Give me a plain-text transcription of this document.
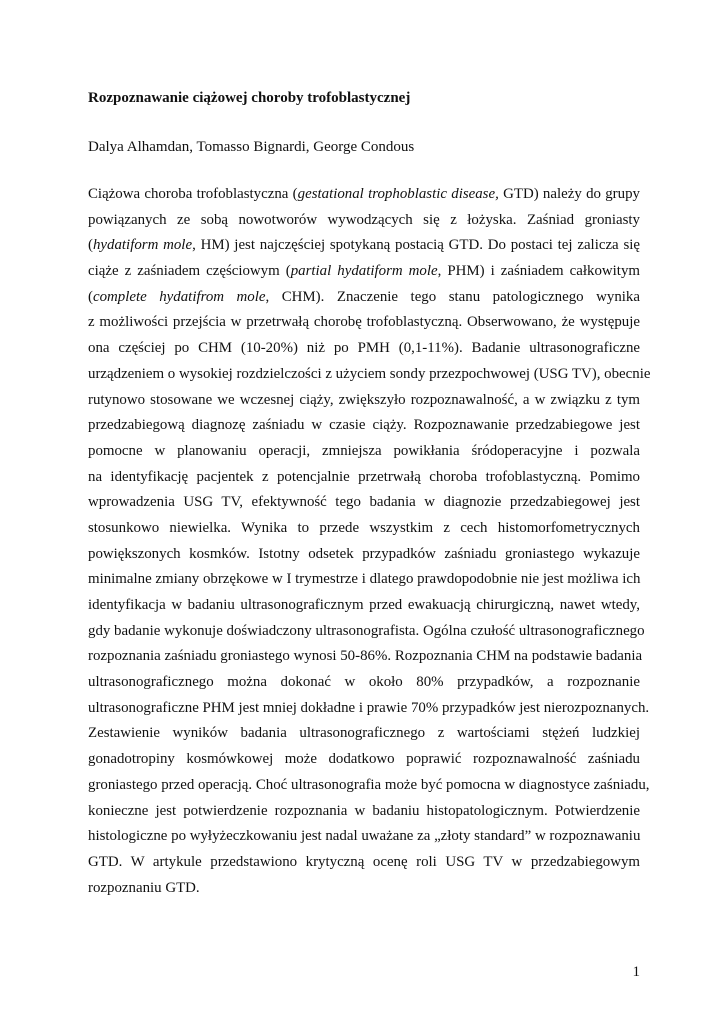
Rozpoznawanie ciążowej choroby trofoblastycznej
Dalya Alhamdan, Tomasso Bignardi, George Condous
Ciążowa choroba trofoblastyczna (gestational trophoblastic disease, GTD) należy do grupy
powiązanych ze sobą nowotworów wywodzących się z łożyska. Zaśniad groniasty
(hydatiform mole, HM) jest najczęściej spotykaną postacią GTD. Do postaci tej zalicza się
ciąże z zaśniadem częściowym (partial hydatiform mole, PHM) i zaśniadem całkowitym
(complete hydatifrom mole, CHM). Znaczenie tego stanu patologicznego wynika
z możliwości przejścia w przetrwałą chorobę trofoblastyczną. Obserwowano, że występuje
ona częściej po CHM (10-20%) niż po PMH (0,1-11%). Badanie ultrasonograficzne
urządzeniem o wysokiej rozdzielczości z użyciem sondy przezpochwowej (USG TV), obecnie
rutynowo stosowane we wczesnej ciąży, zwiększyło rozpoznawalność, a w związku z tym
przedzabiegową diagnozę zaśniadu w czasie ciąży. Rozpoznawanie przedzabiegowe jest
pomocne w planowaniu operacji, zmniejsza powikłania śródoperacyjne i pozwala
na identyfikację pacjentek z potencjalnie przetrwałą choroba trofoblastyczną. Pomimo
wprowadzenia USG TV, efektywność tego badania w diagnozie przedzabiegowej jest
stosunkowo niewielka. Wynika to przede wszystkim z cech histomorfometrycznych
powiększonych kosmków. Istotny odsetek przypadków zaśniadu groniastego wykazuje
minimalne zmiany obrzękowe w I trymestrze i dlatego prawdopodobnie nie jest możliwa ich
identyfikacja w badaniu ultrasonograficznym przed ewakuacją chirurgiczną, nawet wtedy,
gdy badanie wykonuje doświadczony ultrasonografista. Ogólna czułość ultrasonograficznego
rozpoznania zaśniadu groniastego wynosi 50-86%. Rozpoznania CHM na podstawie badania
ultrasonograficznego można dokonać w około 80% przypadków, a rozpoznanie
ultrasonograficzne PHM jest mniej dokładne i prawie 70% przypadków jest nierozpoznanych.
Zestawienie wyników badania ultrasonograficznego z wartościami stężeń ludzkiej
gonadotropiny kosmówkowej może dodatkowo poprawić rozpoznawalność zaśniadu
groniastego przed operacją. Choć ultrasonografia może być pomocna w diagnostyce zaśniadu,
konieczne jest potwierdzenie rozpoznania w badaniu histopatologicznym. Potwierdzenie
histologiczne po wyłyżeczkowaniu jest nadal uważane za „złoty standard” w rozpoznawaniu
GTD. W artykule przedstawiono krytyczną ocenę roli USG TV w przedzabiegowym
rozpoznaniu GTD.
1
